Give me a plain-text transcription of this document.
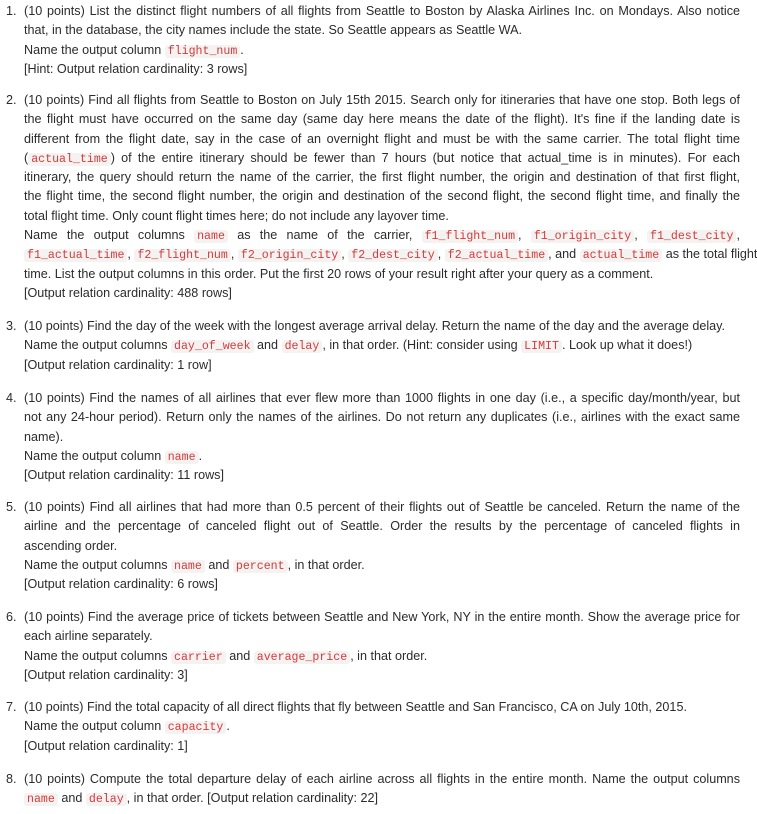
1. (10 points) List the distinct flight numbers of all flights from Seattle to Boston by Alaska Airlines Inc. on Mondays. Also notice
that, in the database, the city names include the state. So Seattle appears as Seattle WA.
Name the output column flight_num .
[Hint: Output relation cardinality: 3 rows]
2. (10 points) Find all flights from Seattle to Boston on July 15th 2015. Search only for itineraries that have one stop. Both legs of
the flight must have occurred on the same day (same day here means the date of the flight). It's fine if the landing date is
different from the flight date, say in the case of an overnight flight and must be with the same carrier. The total flight time
( actual_time ) of the entire itinerary should be fewer than 7 hours (but notice that actual_time is in minutes). For each
itinerary, the query should return the name of the carrier, the first flight number, the origin and destination of that first flight,
the flight time, the second flight number, the origin and destination of the second flight, the second flight time, and finally the
total flight time. Only count flight times here; do not include any layover time.
Name the output columns name as the name of the carrier, f1_flight_num , f1_origin_city , f1_dest_city ,
f1_actual_time , f2_flight_num , f2_origin_city , f2_dest_city , f2_actual_time , and actual_time as the total flight
time. List the output columns in this order. Put the first 20 rows of your result right after your query as a comment.
[Output relation cardinality: 488 rows]
3. (10 points) Find the day of the week with the longest average arrival delay. Return the name of the day and the average delay.
Name the output columns day_of_week and delay , in that order. (Hint: consider using LIMIT . Look up what it does!)
[Output relation cardinality: 1 row]
4. (10 points) Find the names of all airlines that ever flew more than 1000 flights in one day (i.e., a specific day/month/year, but
not any 24-hour period). Return only the names of the airlines. Do not return any duplicates (i.e., airlines with the exact same
name).
Name the output column name .
[Output relation cardinality: 11 rows]
5. (10 points) Find all airlines that had more than 0.5 percent of their flights out of Seattle be canceled. Return the name of the
airline and the percentage of canceled flight out of Seattle. Order the results by the percentage of canceled flights in
ascending order.
Name the output columns name and percent , in that order.
[Output relation cardinality: 6 rows]
6. (10 points) Find the average price of tickets between Seattle and New York, NY in the entire month. Show the average price for
each airline separately.
Name the output columns carrier and average_price , in that order.
[Output relation cardinality: 3]
7. (10 points) Find the total capacity of all direct flights that fly between Seattle and San Francisco, CA on July 10th, 2015.
Name the output column capacity .
[Output relation cardinality: 1]
8. (10 points) Compute the total departure delay of each airline across all flights in the entire month. Name the output columns
name and delay , in that order. [Output relation cardinality: 22]
